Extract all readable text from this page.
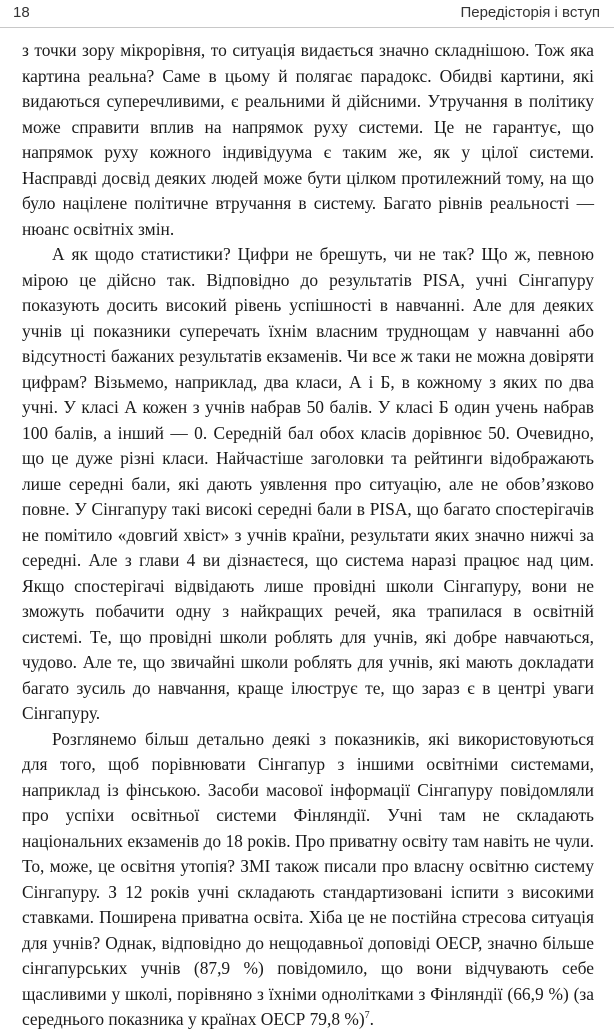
18	Передісторія і вступ

з точки зору мікрорівня, то ситуація видається значно складнішою. Тож яка картина реальна? Саме в цьому й полягає парадокс. Обидві картини, які видаються суперечливими, є реальними й дійсними. Утручання в політику може справити вплив на напрямок руху системи. Це не гарантує, що напрямок руху кожного індивідуума є таким же, як у цілої системи. Насправді досвід деяких людей може бути цілком протилежний тому, на що було націлене політичне втручання в систему. Багато рівнів реальності — нюанс освітніх змін.

А як щодо статистики? Цифри не брешуть, чи не так? Що ж, певною мірою це дійсно так. Відповідно до результатів PISA, учні Сінгапуру показують досить високий рівень успішності в навчанні. Але для деяких учнів ці показники суперечать їхнім власним труднощам у навчанні або відсутності бажаних результатів екзаменів. Чи все ж таки не можна довіряти цифрам? Візьмемо, наприклад, два класи, А і Б, в кожному з яких по два учні. У класі А кожен з учнів набрав 50 балів. У класі Б один учень набрав 100 балів, а інший — 0. Середній бал обох класів дорівнює 50. Очевидно, що це дуже різні класи. Найчастіше заголовки та рейтинги відображають лише середні бали, які дають уявлення про ситуацію, але не обов’язково повне. У Сінгапуру такі високі середні бали в PISA, що багато спостерігачів не помітило «довгий хвіст» з учнів країни, результати яких значно нижчі за середні. Але з глави 4 ви дізнаєтеся, що система наразі працює над цим. Якщо спостерігачі відвідають лише провідні школи Сінгапуру, вони не зможуть побачити одну з найкращих речей, яка трапилася в освітній системі. Те, що провідні школи роблять для учнів, які добре навчаються, чудово. Але те, що звичайні школи роблять для учнів, які мають докладати багато зусиль до навчання, краще ілюструє те, що зараз є в центрі уваги Сінгапуру.

Розглянемо більш детально деякі з показників, які використовуються для того, щоб порівнювати Сінгапур з іншими освітніми системами, наприклад із фінською. Засоби масової інформації Сінгапуру повідомляли про успіхи освітньої системи Фінляндії. Учні там не складають національних екзаменів до 18 років. Про приватну освіту там навіть не чули. То, може, це освітня утопія? ЗМІ також писали про власну освітню систему Сінгапуру. З 12 років учні складають стандартизовані іспити з високими ставками. Поширена приватна освіта. Хіба це не постійна стресова ситуація для учнів? Однак, відповідно до нещодавньої доповіді ОЕСР, значно більше сінгапурських учнів (87,9 %) повідомило, що вони відчувають себе щасливими у школі, порівняно з їхніми однолітками з Фінляндії (66,9 %) (за середнього показника у країнах ОЕСР 79,8 %)$^7$.
